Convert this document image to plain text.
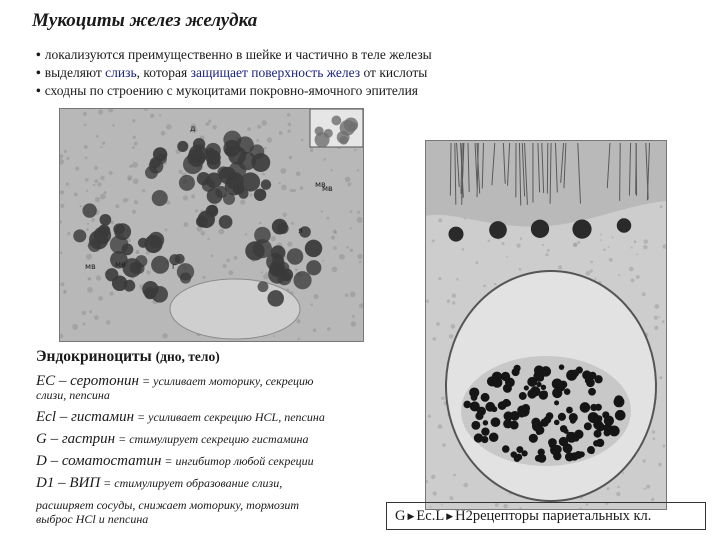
Мукоциты желез желудка
• локализуются преимущественно в шейке и частично в теле железы
• выделяют слизь, которая защищает поверхность желез от кислоты
• сходны по строению с мукоцитами покровно-ямочного эпителия
д
мв	г
мв
я
мв
мв
Эндокриноциты (дно, тело)
EC – серотонин = усиливает моторику, секрецию
слизи, пепсина
Ecl – гистамин = усиливает секрецию HCL, пепсина
G – гастрин = стимулирует секрецию гистамина
D – соматостатин = ингибитор любой секреции
D1 – ВИП = стимулирует образование слизи,
расширяет сосуды, снижает моторику, тормозит
выброс HCl и пепсина	G ▶ Ec.L ▶ H2 рецепторы париетальных кл.
